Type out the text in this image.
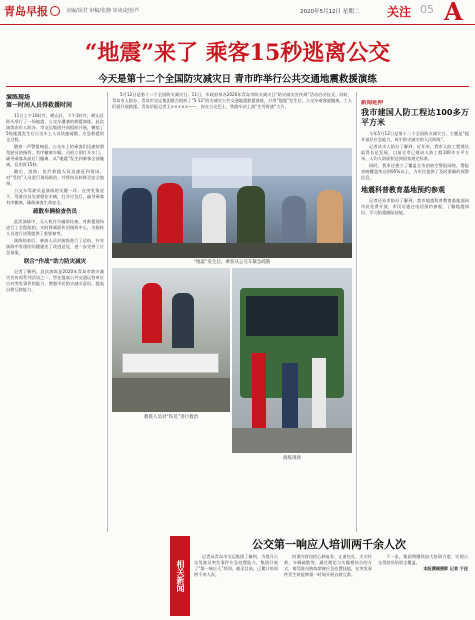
青岛早报	美编/闵君 审稿/张静 审读/赵怡芦	2020年5月12日 星期二 关注 05 A
“地震”来了 乘客15秒逃离公交
今天是第十二个全国防灾减灾日 青市昨举行公共交通地震救援演练
演练现场
第一时间人员得救援时间

11日上午10时许，崂山区，下午1时许，崂山区街头举行了一场地震、公交车遭袭的救援演练，此次演练由市人防办、市交运集团共同组织开展，模拟了5级地震发生后公交车上人员快速疏散、应急救援的全过程。

随着一声警报响起，公交车上的乘客们迅速按照驾驶员的指挥，有序撤离车厢。司机立即打开车门，疏导乘客从前后门撤离，从“地震”发生到乘客全部撤离，仅用时15秒。

随后，消防、医疗救援人员迅速赶到现场，对“受伤”人员进行现场救治，并将伤员转移至安全地带。

公交车驾驶员是演练的关键一环。在突发情况下，驾驶员首先要稳住车辆，打开应急灯，疏导乘客有序撤离，确保乘客生命安全。

疏散车辆检查伤员

此次演练中，无人机作为辅助设备，对救援现场进行了全程航拍，实时将画面传回指挥中心，为指挥人员进行决策提供了重要参考。

演练结束后，参演人员对演练进行了总结，针对演练中发现的问题提出了改进意见，进一步完善了应急预案。

联合“作战”助力防灾减灾

记者了解到，此次演练是2020年青岛市防灾减灾宣传周系列活动之一，旨在提高公共交通运营单位应对突发事件的能力，增强市民防灾减灾意识，提高自救互救能力。

5月12日是第十二个全国防灾减灾日。11日，市政府举办2020年青岛市防灾减灾日“防灾减灾宣传周”活动启动仪式。同时，青岛市人防办、青岛市交运集团联合组织了“5·12”防灾减灾公共交通地震救援演练，只用“地震”发生后，公交车乘客就撤离，工人们就开展救援。青岛早报记者王×××××——，你在公交巴士、铁路车站上演“生死时速”大片。

“地震”发生后，乘客从公交车紧急疏散
救援人员对“伤员”进行救治
演练现场
新闻延伸
我市建国人防工程达100多万平方米

今年5月12日是第十二个全国防灾减灾日，主题是“提升基层应急能力，筑牢防灾减灾的人民防线”。

记者从市人防办了解到，近年来，我市人防工程建设取得长足发展，目前全市已建成人防工程100多万平方米，人均人防面积达到国家规定标准。

同时，我市还建立了覆盖全市的防空警报网络，警报音响覆盖率达到95%以上，为市民提供了及时准确的预警信息。

地震科普教育基地预约参观

记者还从市防办了解到，我市地震科普教育基地面向市民免费开放，市民可通过电话预约参观，了解地震知识，学习防震避险技能。

相关新闻
公交第一响应人培训两千余人次

记者从青岛市交运集团了解到，为提升公交驾驶员突发事件应急处置能力，集团开展了“第一响应人”培训，截至目前，已累计培训两千余人次。

培训内容包括心肺复苏、止血包扎、火灾扑救、车辆疏散等，通过理论与实操相结合的方式，使驾驶员熟练掌握应急处置技能，在突发事件发生时能够第一时间开展自救互救。

下一步，集团将继续加大培训力度，实现公交驾驶员培训全覆盖。

本版撰稿摄影 记者 于佳
